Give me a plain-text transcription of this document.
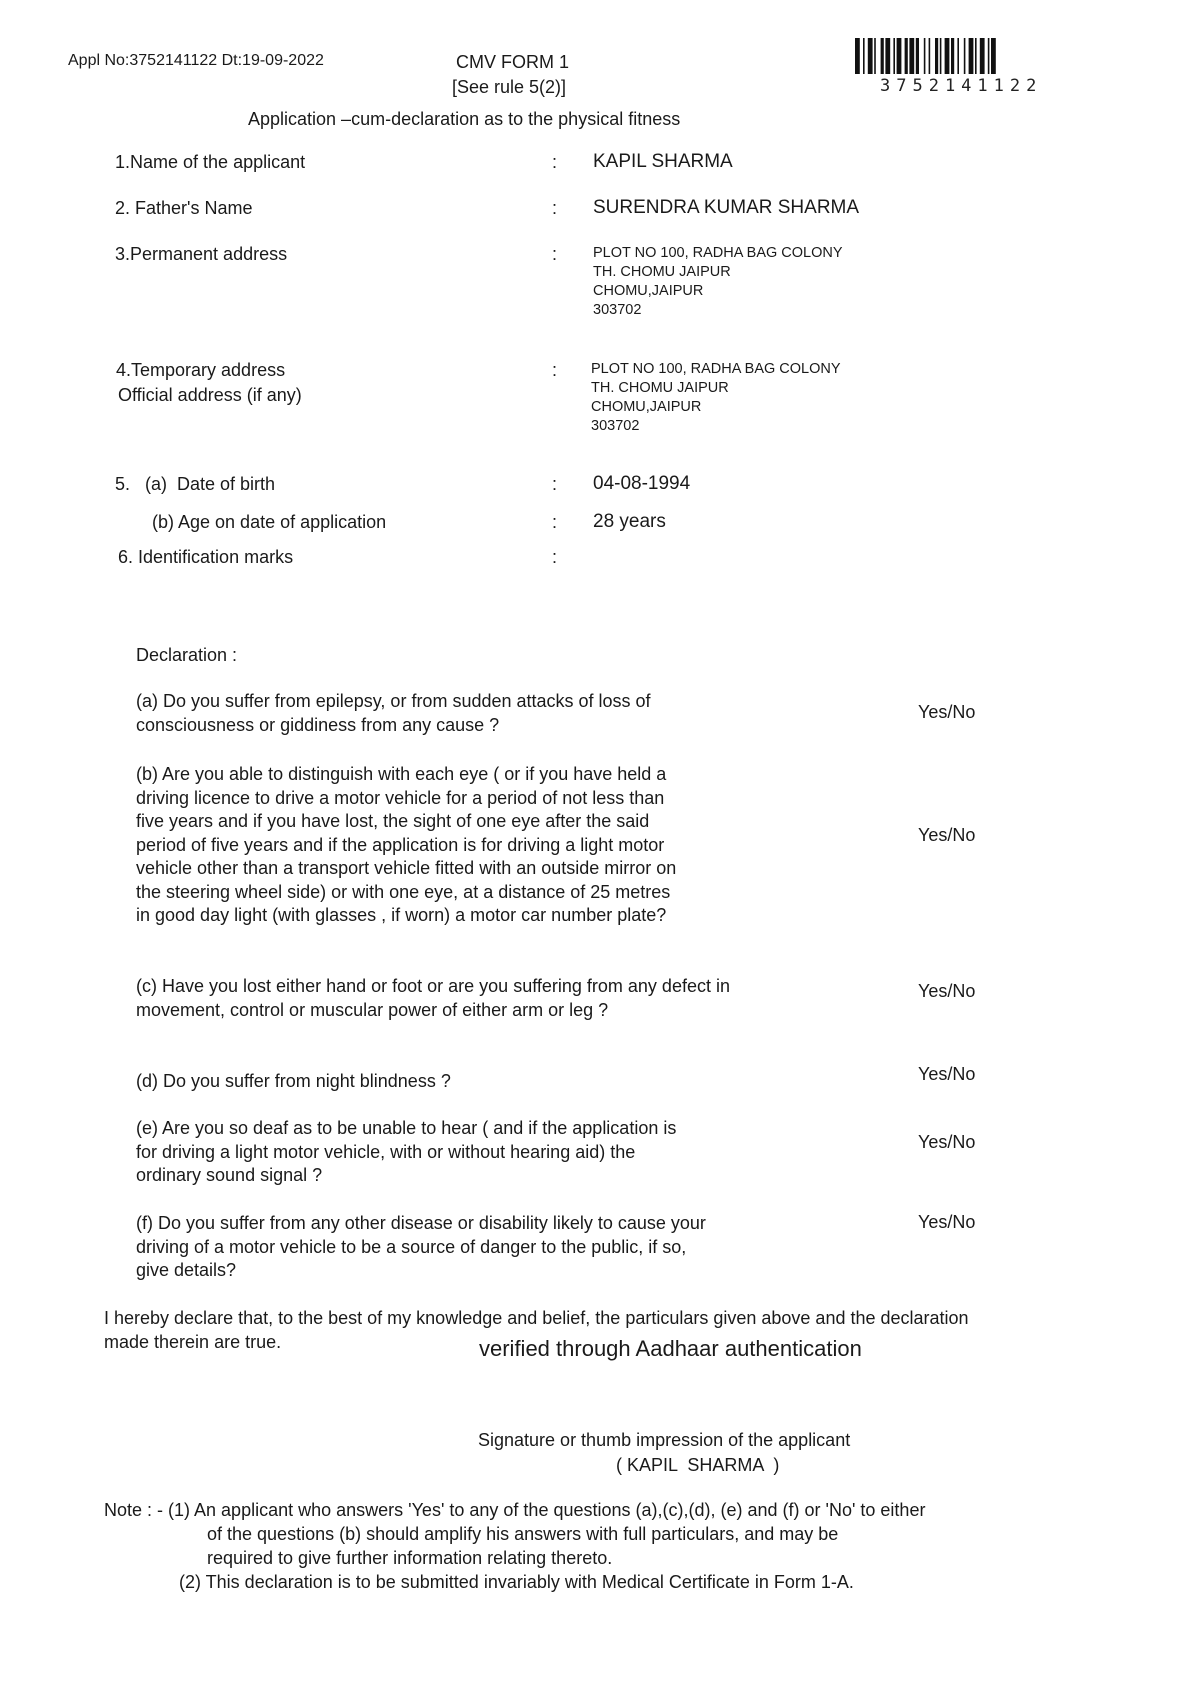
Appl No:3752141122 Dt:19-09-2022	CMV FORM 1
[See rule 5(2)]	3752141122
Application –cum-declaration as to the physical fitness
1.Name of the applicant	: KAPIL SHARMA
2. Father's Name	: SURENDRA KUMAR SHARMA
3.Permanent address	: PLOT NO 100, RADHA BAG COLONY
TH. CHOMU JAIPUR
CHOMU,JAIPUR
303702
4.Temporary address
Official address (if any)
: PLOT NO 100, RADHA BAG COLONY
TH. CHOMU JAIPUR
CHOMU,JAIPUR
303702
5.   (a)  Date of birth	: 04-08-1994
(b) Age on date of application	: 28 years
6. Identification marks	:
Declaration :
(a) Do you suffer from epilepsy, or from sudden attacks of loss of consciousness or giddiness from any cause ?
Yes/No
(b) Are you able to distinguish with each eye ( or if you have held a driving licence to drive a motor vehicle for a period of not less than five years and if you have lost, the sight of one eye after the said period of five years and if the application is for driving a light motor vehicle other than a transport vehicle fitted with an outside mirror on the steering wheel side) or with one eye, at a distance of 25 metres in good day light (with glasses , if worn) a motor car number plate?
Yes/No
(c) Have you lost either hand or foot or are you suffering from any defect in movement, control or muscular power of either arm or leg ?
Yes/No
(d) Do you suffer from night blindness ?	Yes/No
(e) Are you so deaf as to be unable to hear ( and if the application is for driving a light motor vehicle, with or without hearing aid) the ordinary sound signal ?
Yes/No
(f) Do you suffer from any other disease or disability likely to cause your driving of a motor vehicle to be a source of danger to the public, if so, give details?
Yes/No
I hereby declare that, to the best of my knowledge and belief, the particulars given above and the declaration
made therein are true.	verified through Aadhaar authentication
Signature or thumb impression of the applicant
( KAPIL  SHARMA  )
Note : - (1) An applicant who answers 'Yes' to any of the questions (a),(c),(d), (e) and (f) or 'No' to either
of the questions (b) should amplify his answers with full particulars, and may be
required to give further information relating thereto.
(2) This declaration is to be submitted invariably with Medical Certificate in Form 1-A.
